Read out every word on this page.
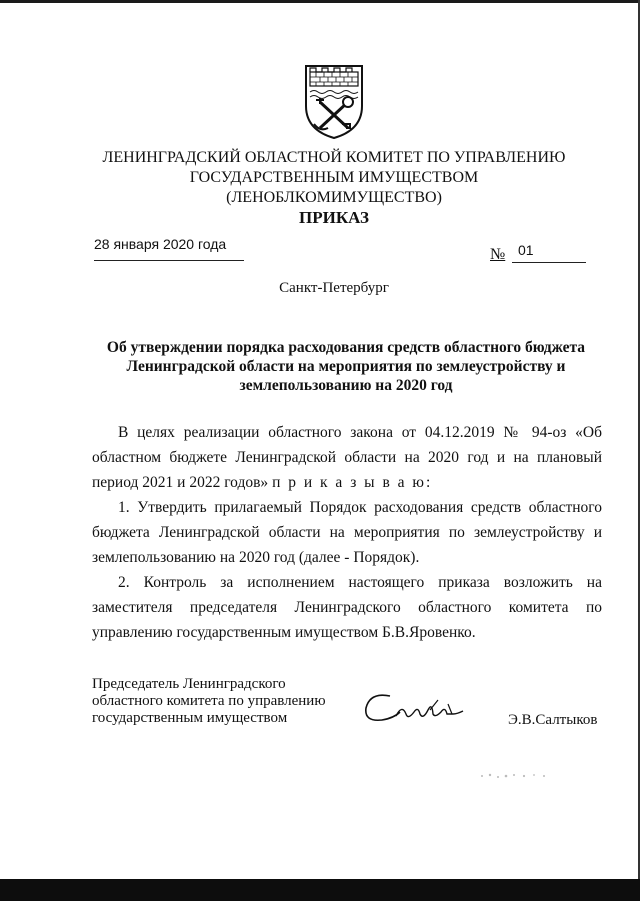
ЛЕНИНГРАДСКИЙ ОБЛАСТНОЙ КОМИТЕТ ПО УПРАВЛЕНИЮ
ГОСУДАРСТВЕННЫМ ИМУЩЕСТВОМ
(ЛЕНОБЛКОМИМУЩЕСТВО)
ПРИКАЗ
28 января 2020 года
№ 01
Санкт-Петербург
Об утверждении порядка расходования средств областного бюджета
Ленинградской области на мероприятия по землеустройству и
землепользованию на 2020 год

В целях реализации областного закона от 04.12.2019 № 94-оз «Об областном бюджете Ленинградской области на 2020 год и на плановый период 2021 и 2022 годов» п р и к а з ы в а ю:

1. Утвердить прилагаемый Порядок расходования средств областного бюджета Ленинградской области на мероприятия по землеустройству и землепользованию на 2020 год (далее - Порядок).

2. Контроль за исполнением настоящего приказа возложить на заместителя председателя Ленинградского областного комитета по управлению государственным имуществом Б.В.Яровенко.

Председатель Ленинградского
областного комитета по управлению
государственным имуществом	Э.В.Салтыков
